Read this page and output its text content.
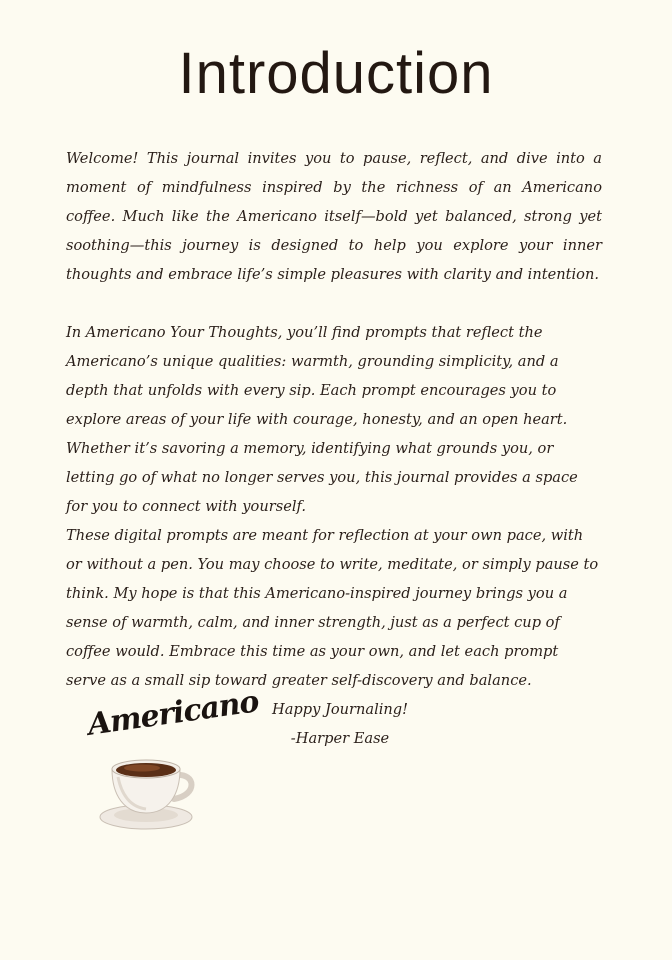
Introduction

Welcome! This journal invites you to pause, reflect, and dive into a moment of mindfulness inspired by the richness of an Americano coffee. Much like the Americano itself—bold yet balanced, strong yet soothing—this journey is designed to help you explore your inner thoughts and embrace life’s simple pleasures with clarity and intention.

In Americano Your Thoughts, you’ll find prompts that reflect the Americano’s unique qualities: warmth, grounding simplicity, and a depth that unfolds with every sip. Each prompt encourages you to explore areas of your life with courage, honesty, and an open heart. Whether it’s savoring a memory, identifying what grounds you, or letting go of what no longer serves you, this journal provides a space for you to connect with yourself.

These digital prompts are meant for reflection at your own pace, with or without a pen. You may choose to write, meditate, or simply pause to think. My hope is that this Americano-inspired journey brings you a sense of warmth, calm, and inner strength, just as a perfect cup of coffee would. Embrace this time as your own, and let each prompt serve as a small sip toward greater self-discovery and balance.

Happy Journaling!

-Harper Ease

Americano
